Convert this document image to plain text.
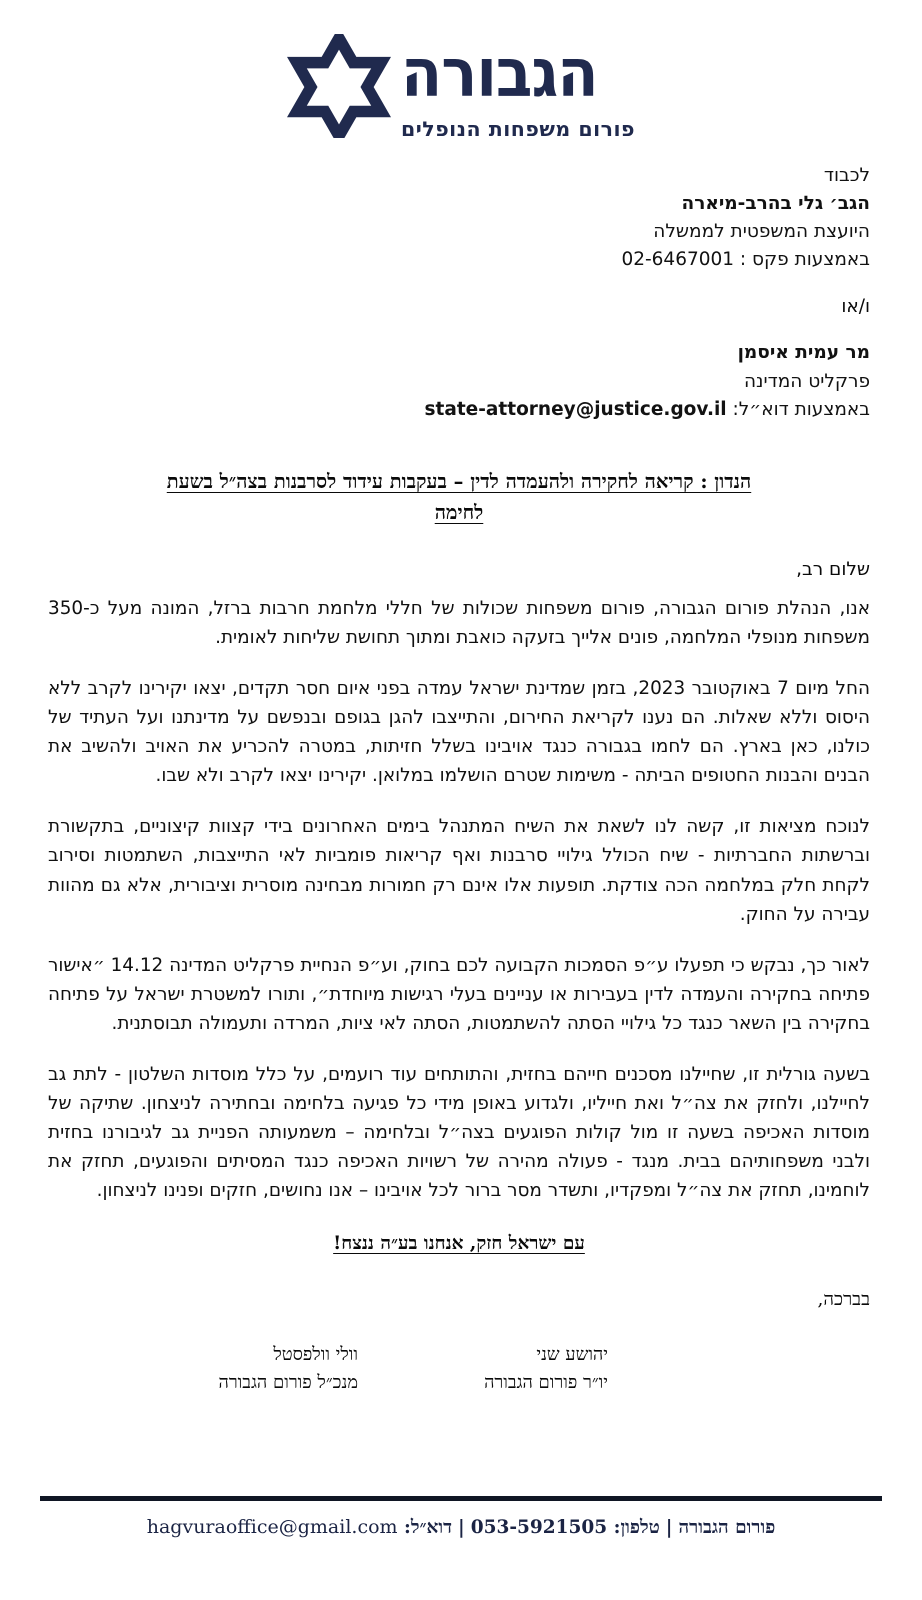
הגבורה
פורום משפחות הנופלים
לכבוד
הגב׳ גלי בהרב-מיארה
היועצת המשפטית לממשלה
באמצעות פקס : 02-6467001
ו/או
מר עמית איסמן
פרקליט המדינה
באמצעות דוא״ל: state-attorney@justice.gov.il
הנדון : קריאה לחקירה ולהעמדה לדין – בעקבות עידוד לסרבנות בצה״ל בשעת
לחימה
שלום רב,

אנו, הנהלת פורום הגבורה, פורום משפחות שכולות של חללי מלחמת חרבות ברזל, המונה מעל כ-350 משפחות מנופלי המלחמה, פונים אלייך בזעקה כואבת ומתוך תחושת שליחות לאומית.

החל מיום 7 באוקטובר 2023, בזמן שמדינת ישראל עמדה בפני איום חסר תקדים, יצאו יקירינו לקרב ללא היסוס וללא שאלות. הם נענו לקריאת החירום, והתייצבו להגן בגופם ובנפשם על מדינתנו ועל העתיד של כולנו, כאן בארץ. הם לחמו בגבורה כנגד אויבינו בשלל חזיתות, במטרה להכריע את האויב ולהשיב את הבנים והבנות החטופים הביתה - משימות שטרם הושלמו במלואן. יקירינו יצאו לקרב ולא שבו.

לנוכח מציאות זו, קשה לנו לשאת את השיח המתנהל בימים האחרונים בידי קצוות קיצוניים, בתקשורת וברשתות החברתיות - שיח הכולל גילויי סרבנות ואף קריאות פומביות לאי התייצבות, השתמטות וסירוב לקחת חלק במלחמה הכה צודקת. תופעות אלו אינם רק חמורות מבחינה מוסרית וציבורית, אלא גם מהוות עבירה על החוק.

לאור כך, נבקש כי תפעלו ע״פ הסמכות הקבועה לכם בחוק, וע״פ הנחיית פרקליט המדינה 14.12 ״אישור פתיחה בחקירה והעמדה לדין בעבירות או עניינים בעלי רגישות מיוחדת״, ותורו למשטרת ישראל על פתיחה בחקירה בין השאר כנגד כל גילויי הסתה להשתמטות, הסתה לאי ציות, המרדה ותעמולה תבוסתנית.

בשעה גורלית זו, שחיילנו מסכנים חייהם בחזית, והתותחים עוד רועמים, על כלל מוסדות השלטון - לתת גב לחיילנו, ולחזק את צה״ל ואת חייליו, ולגדוע באופן מידי כל פגיעה בלחימה ובחתירה לניצחון. שתיקה של מוסדות האכיפה בשעה זו מול קולות הפוגעים בצה״ל ובלחימה – משמעותה הפניית גב לגיבורנו בחזית ולבני משפחותיהם בבית. מנגד - פעולה מהירה של רשויות האכיפה כנגד המסיתים והפוגעים, תחזק את לוחמינו, תחזק את צה״ל ומפקדיו, ותשדר מסר ברור לכל אויבינו – אנו נחושים, חזקים ופנינו לניצחון.

עם ישראל חזק, אנחנו בע״ה ננצח!
בברכה,
וולי וולפסטל
מנכ״ל פורום הגבורה
יהושע שני
יו״ר פורום הגבורה
פורום הגבורה|טלפון: 053-5921505|דוא״ל: hagvuraoffice@gmail.com
